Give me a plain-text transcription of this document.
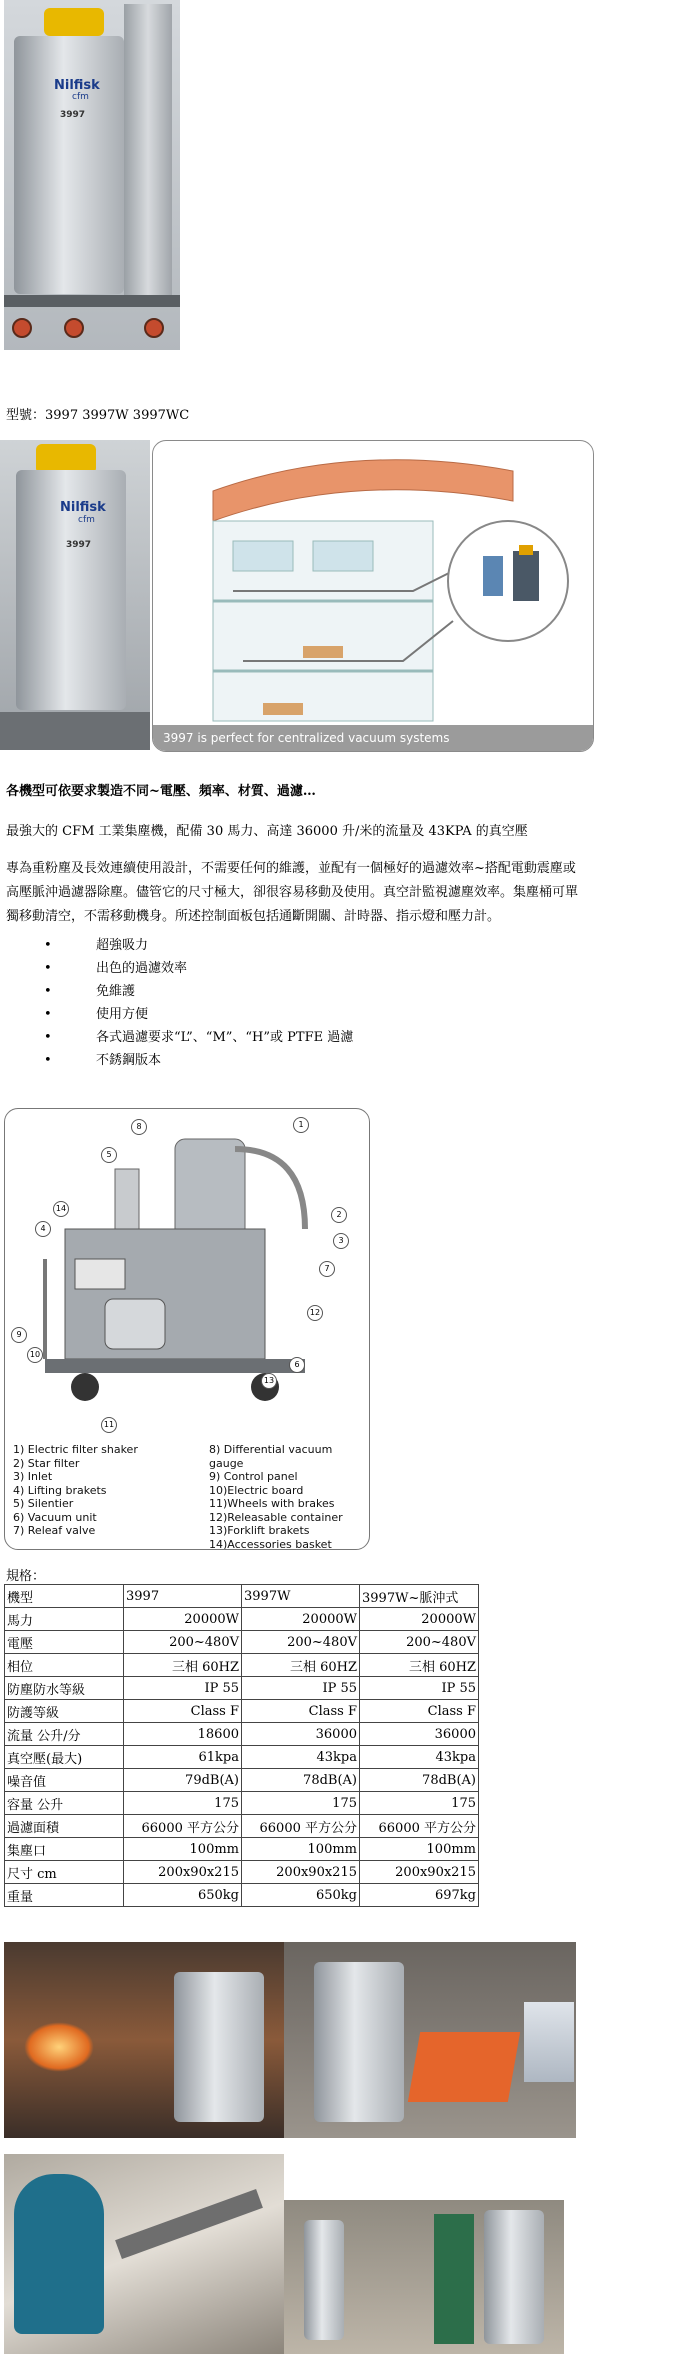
Nilfisk
cfm
3997
型號：3997 3997W 3997WC
Nilfisk
cfm
3997
3997 is perfect for centralized vacuum systems
各機型可依要求製造不同~電壓、頻率、材質、過濾…
最強大的 CFM 工業集塵機，配備 30 馬力、高達 36000 升/米的流量及 43KPA 的真空壓
專為重粉塵及長效連續使用設計，不需要任何的維護，並配有一個極好的過濾效率~搭配電動震塵或
高壓脈沖過濾器除塵。儘管它的尺寸極大，卻很容易移動及使用。真空計監視濾塵效率。集塵桶可單
獨移動清空，不需移動機身。所述控制面板包括通斷開關、計時器、指示燈和壓力計。
• 超強吸力
• 出色的過濾效率
• 免維護
• 使用方便
• 各式過濾要求“L”、“M”、“H”或 PTFE 過濾
• 不銹鋼版本
1
2
3
4
5
6
7
8
9
10
11
12
13
14
1) Electric filter shaker
2) Star filter
3) Inlet
4) Lifting brakets
5) Silentier
6) Vacuum unit
7) Releaf valve
8) Differential vacuum gauge
9) Control panel
10)Electric board
11)Wheels with brakes
12)Releasable container
13)Forklift brakets
14)Accessories basket
規格：
機型	3997	3997W	3997W~脈沖式
馬力	20000W	20000W	20000W
電壓	200~480V	200~480V	200~480V
相位	三相 60HZ	三相 60HZ	三相 60HZ
防塵防水等級	IP 55	IP 55	IP 55
防護等級	Class F	Class F	Class F
流量 公升/分	18600	36000	36000
真空壓(最大)	61kpa	43kpa	43kpa
噪音值	79dB(A)	78dB(A)	78dB(A)
容量 公升	175	175	175
過濾面積	66000 平方公分	66000 平方公分	66000 平方公分
集塵口	100mm	100mm	100mm
尺寸 cm	200x90x215	200x90x215	200x90x215
重量	650kg	650kg	697kg
